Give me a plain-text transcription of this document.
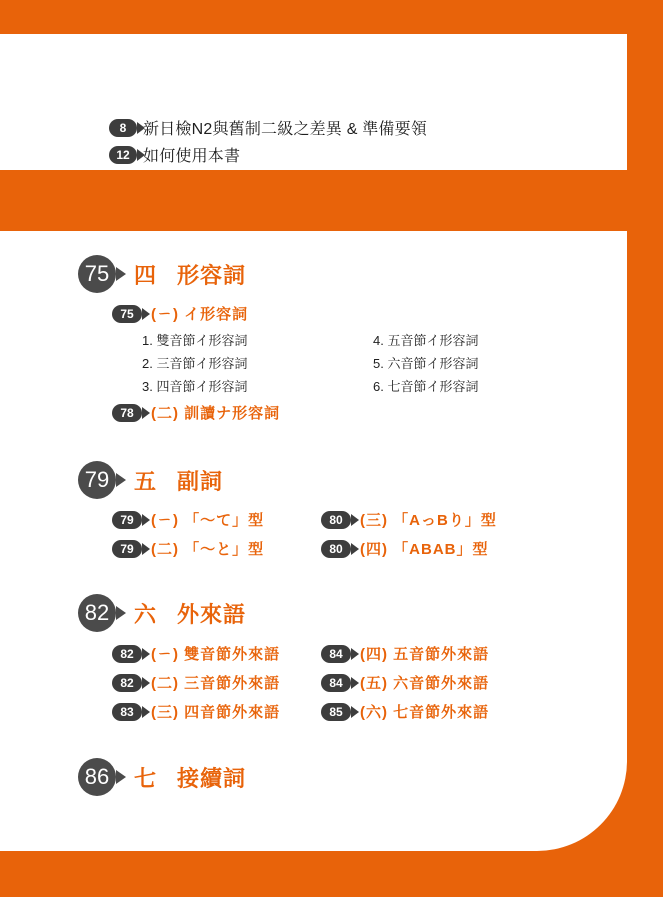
8	新日檢N2與舊制二級之差異 & 準備要領
12 如何使用本書
75	四 形容詞
75	(ㄧ) イ形容詞
1. 雙音節イ形容詞
2. 三音節イ形容詞
3. 四音節イ形容詞
4. 五音節イ形容詞
5. 六音節イ形容詞
6. 七音節イ形容詞
78	(二) 訓讀ナ形容詞
79	五 副詞
79	(ㄧ) 「～て」型
79	(二) 「～と」型
80	(三) 「AっBり」型
80	(四) 「ABAB」型
82	六 外來語
82	(ㄧ) 雙音節外來語
82	(二) 三音節外來語
83	(三) 四音節外來語
84	(四) 五音節外來語
84	(五) 六音節外來語
85	(六) 七音節外來語
86	七 接續詞
